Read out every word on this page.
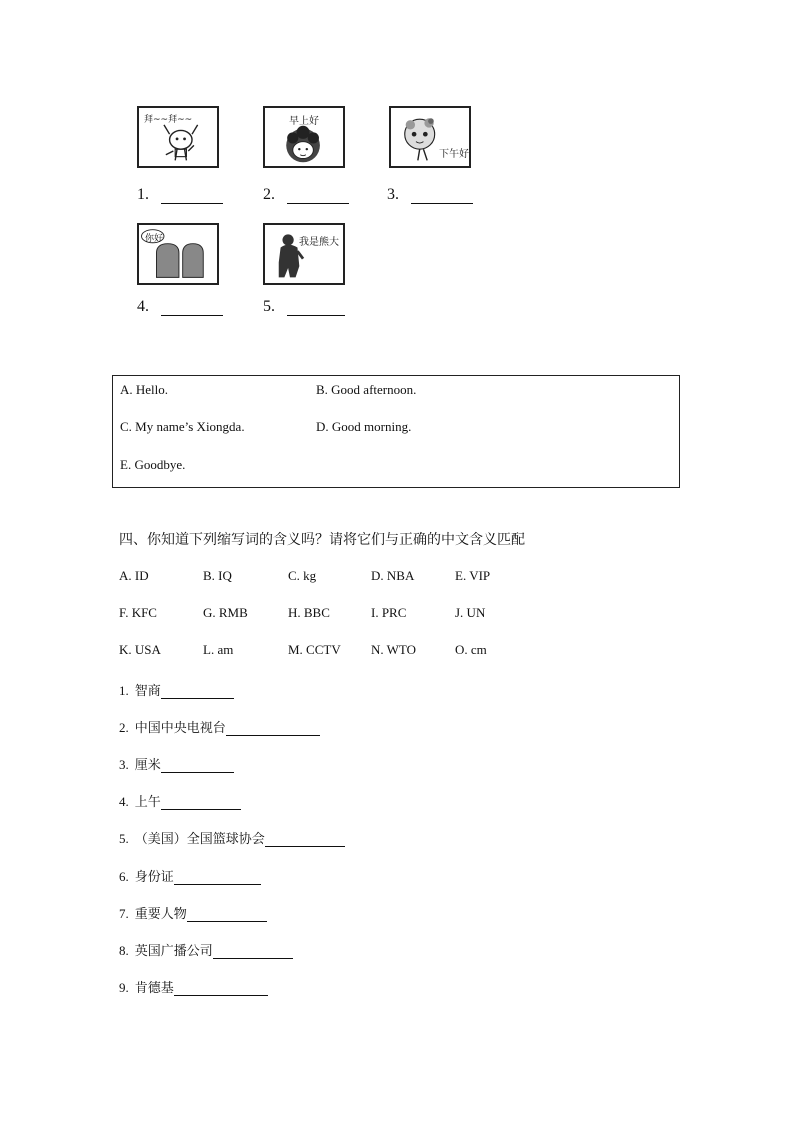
拜~~拜~~	早上好
下午好
1.	2.	3.
你好	我是熊大
4.	5.
A. Hello.	B. Good afternoon.
C. My name’s Xiongda.	D. Good morning.
E. Goodbye.
四、你知道下列缩写词的含义吗？请将它们与正确的中文含义匹配
A. ID	B. IQ	C. kg	D. NBA	E. VIP
F. KFC	G. RMB	H. BBC	I. PRC	J. UN
K. USA	L. am	M. CCTV N. WTO	O. cm
1. 智商
2. 中国中央电视台
3. 厘米
4. 上午
5. （美国）全国篮球协会
6. 身份证
7. 重要人物
8. 英国广播公司
9. 肯德基
